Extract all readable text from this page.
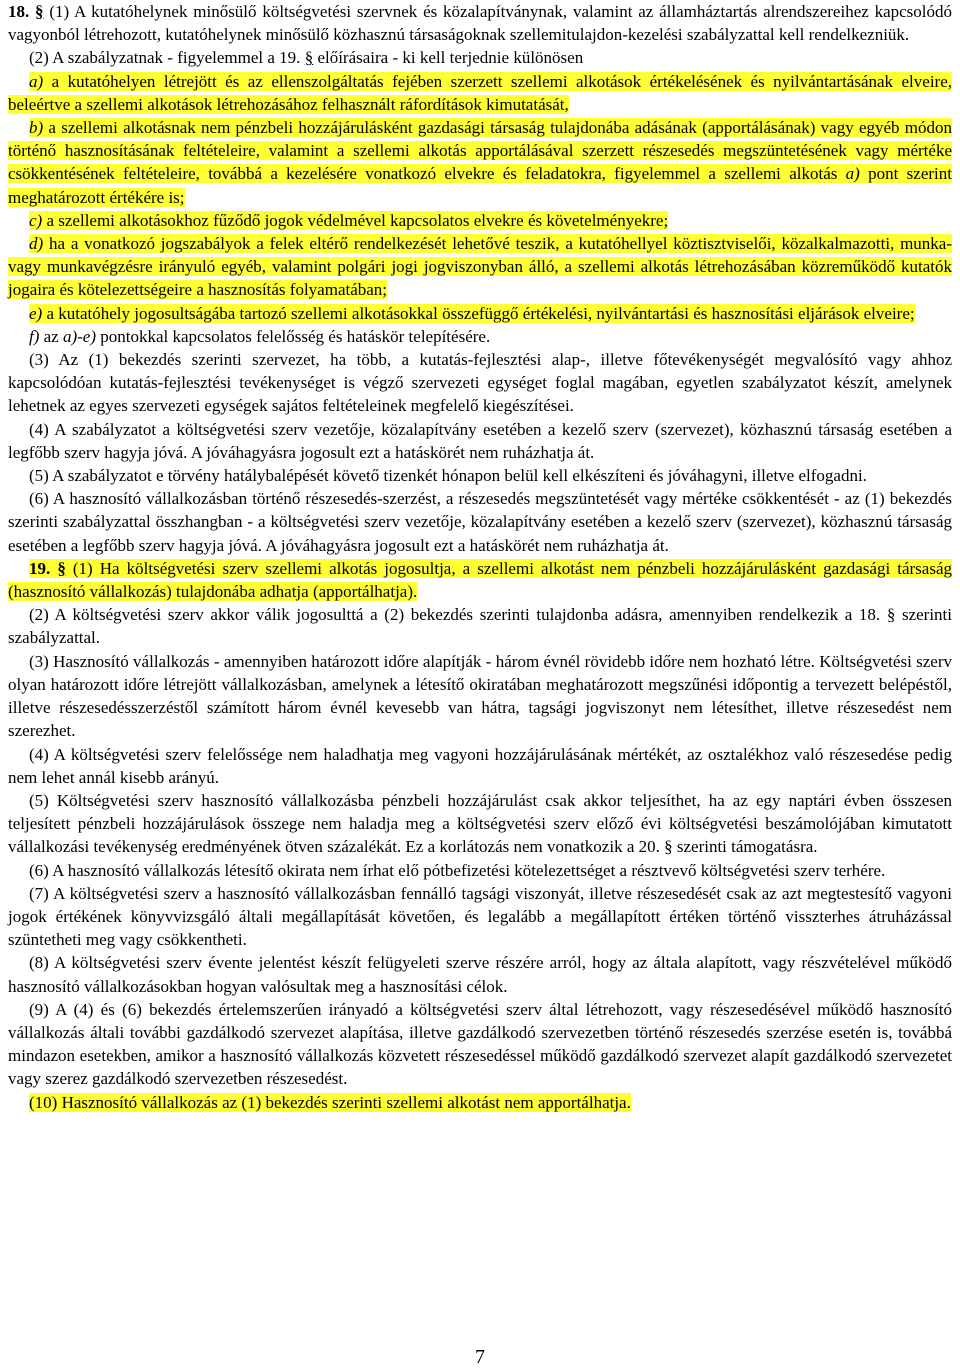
18. § (1) A kutatóhelynek minősülő költségvetési szervnek és közalapítványnak, valamint az államháztartás alrendszereihez kapcsolódó vagyonból létrehozott, kutatóhelynek minősülő közhasznú társaságoknak szellemitulajdon-kezelési szabályzattal kell rendelkezniük.

(2) A szabályzatnak - figyelemmel a 19. § előírásaira - ki kell terjednie különösen

a) a kutatóhelyen létrejött és az ellenszolgáltatás fejében szerzett szellemi alkotások értékelésének és nyilvántartásának elveire, beleértve a szellemi alkotások létrehozásához felhasznált ráfordítások kimutatását,

b) a szellemi alkotásnak nem pénzbeli hozzájárulásként gazdasági társaság tulajdonába adásának (apportálásának) vagy egyéb módon történő hasznosításának feltételeire, valamint a szellemi alkotás apportálásával szerzett részesedés megszüntetésének vagy mértéke csökkentésének feltételeire, továbbá a kezelésére vonatkozó elvekre és feladatokra, figyelemmel a szellemi alkotás a) pont szerint meghatározott értékére is;

c) a szellemi alkotásokhoz fűződő jogok védelmével kapcsolatos elvekre és követelményekre;

d) ha a vonatkozó jogszabályok a felek eltérő rendelkezését lehetővé teszik, a kutatóhellyel köztisztviselői, közalkalmazotti, munka- vagy munkavégzésre irányuló egyéb, valamint polgári jogi jogviszonyban álló, a szellemi alkotás létrehozásában közreműködő kutatók jogaira és kötelezettségeire a hasznosítás folyamatában;

e) a kutatóhely jogosultságába tartozó szellemi alkotásokkal összefüggő értékelési, nyilvántartási és hasznosítási eljárások elveire;

f) az a)-e) pontokkal kapcsolatos felelősség és hatáskör telepítésére.

(3) Az (1) bekezdés szerinti szervezet, ha több, a kutatás-fejlesztési alap-, illetve főtevékenységét megvalósító vagy ahhoz kapcsolódóan kutatás-fejlesztési tevékenységet is végző szervezeti egységet foglal magában, egyetlen szabályzatot készít, amelynek lehetnek az egyes szervezeti egységek sajátos feltételeinek megfelelő kiegészítései.

(4) A szabályzatot a költségvetési szerv vezetője, közalapítvány esetében a kezelő szerv (szervezet), közhasznú társaság esetében a legfőbb szerv hagyja jóvá. A jóváhagyásra jogosult ezt a hatáskörét nem ruházhatja át.

(5) A szabályzatot e törvény hatálybalépését követő tizenkét hónapon belül kell elkészíteni és jóváhagyni, illetve elfogadni.

(6) A hasznosító vállalkozásban történő részesedés-szerzést, a részesedés megszüntetését vagy mértéke csökkentését - az (1) bekezdés szerinti szabályzattal összhangban - a költségvetési szerv vezetője, közalapítvány esetében a kezelő szerv (szervezet), közhasznú társaság esetében a legfőbb szerv hagyja jóvá. A jóváhagyásra jogosult ezt a hatáskörét nem ruházhatja át.

19. § (1) Ha költségvetési szerv szellemi alkotás jogosultja, a szellemi alkotást nem pénzbeli hozzájárulásként gazdasági társaság (hasznosító vállalkozás) tulajdonába adhatja (apportálhatja).

(2) A költségvetési szerv akkor válik jogosulttá a (2) bekezdés szerinti tulajdonba adásra, amennyiben rendelkezik a 18. § szerinti szabályzattal.

(3) Hasznosító vállalkozás - amennyiben határozott időre alapítják - három évnél rövidebb időre nem hozható létre. Költségvetési szerv olyan határozott időre létrejött vállalkozásban, amelynek a létesítő okiratában meghatározott megszűnési időpontig a tervezett belépéstől, illetve részesedésszerzéstől számított három évnél kevesebb van hátra, tagsági jogviszonyt nem létesíthet, illetve részesedést nem szerezhet.

(4) A költségvetési szerv felelőssége nem haladhatja meg vagyoni hozzájárulásának mértékét, az osztalékhoz való részesedése pedig nem lehet annál kisebb arányú.

(5) Költségvetési szerv hasznosító vállalkozásba pénzbeli hozzájárulást csak akkor teljesíthet, ha az egy naptári évben összesen teljesített pénzbeli hozzájárulások összege nem haladja meg a költségvetési szerv előző évi költségvetési beszámolójában kimutatott vállalkozási tevékenység eredményének ötven százalékát. Ez a korlátozás nem vonatkozik a 20. § szerinti támogatásra.

(6) A hasznosító vállalkozás létesítő okirata nem írhat elő pótbefizetési kötelezettséget a résztvevő költségvetési szerv terhére.

(7) A költségvetési szerv a hasznosító vállalkozásban fennálló tagsági viszonyát, illetve részesedését csak az azt megtestesítő vagyoni jogok értékének könyvvizsgáló általi megállapítását követően, és legalább a megállapított értéken történő visszterhes átruházással szüntetheti meg vagy csökkentheti.

(8) A költségvetési szerv évente jelentést készít felügyeleti szerve részére arról, hogy az általa alapított, vagy részvételével működő hasznosító vállalkozásokban hogyan valósultak meg a hasznosítási célok.

(9) A (4) és (6) bekezdés értelemszerűen irányadó a költségvetési szerv által létrehozott, vagy részesedésével működő hasznosító vállalkozás általi további gazdálkodó szervezet alapítása, illetve gazdálkodó szervezetben történő részesedés szerzése esetén is, továbbá mindazon esetekben, amikor a hasznosító vállalkozás közvetett részesedéssel működő gazdálkodó szervezet alapít gazdálkodó szervezetet vagy szerez gazdálkodó szervezetben részesedést.

(10) Hasznosító vállalkozás az (1) bekezdés szerinti szellemi alkotást nem apportálhatja.

7
